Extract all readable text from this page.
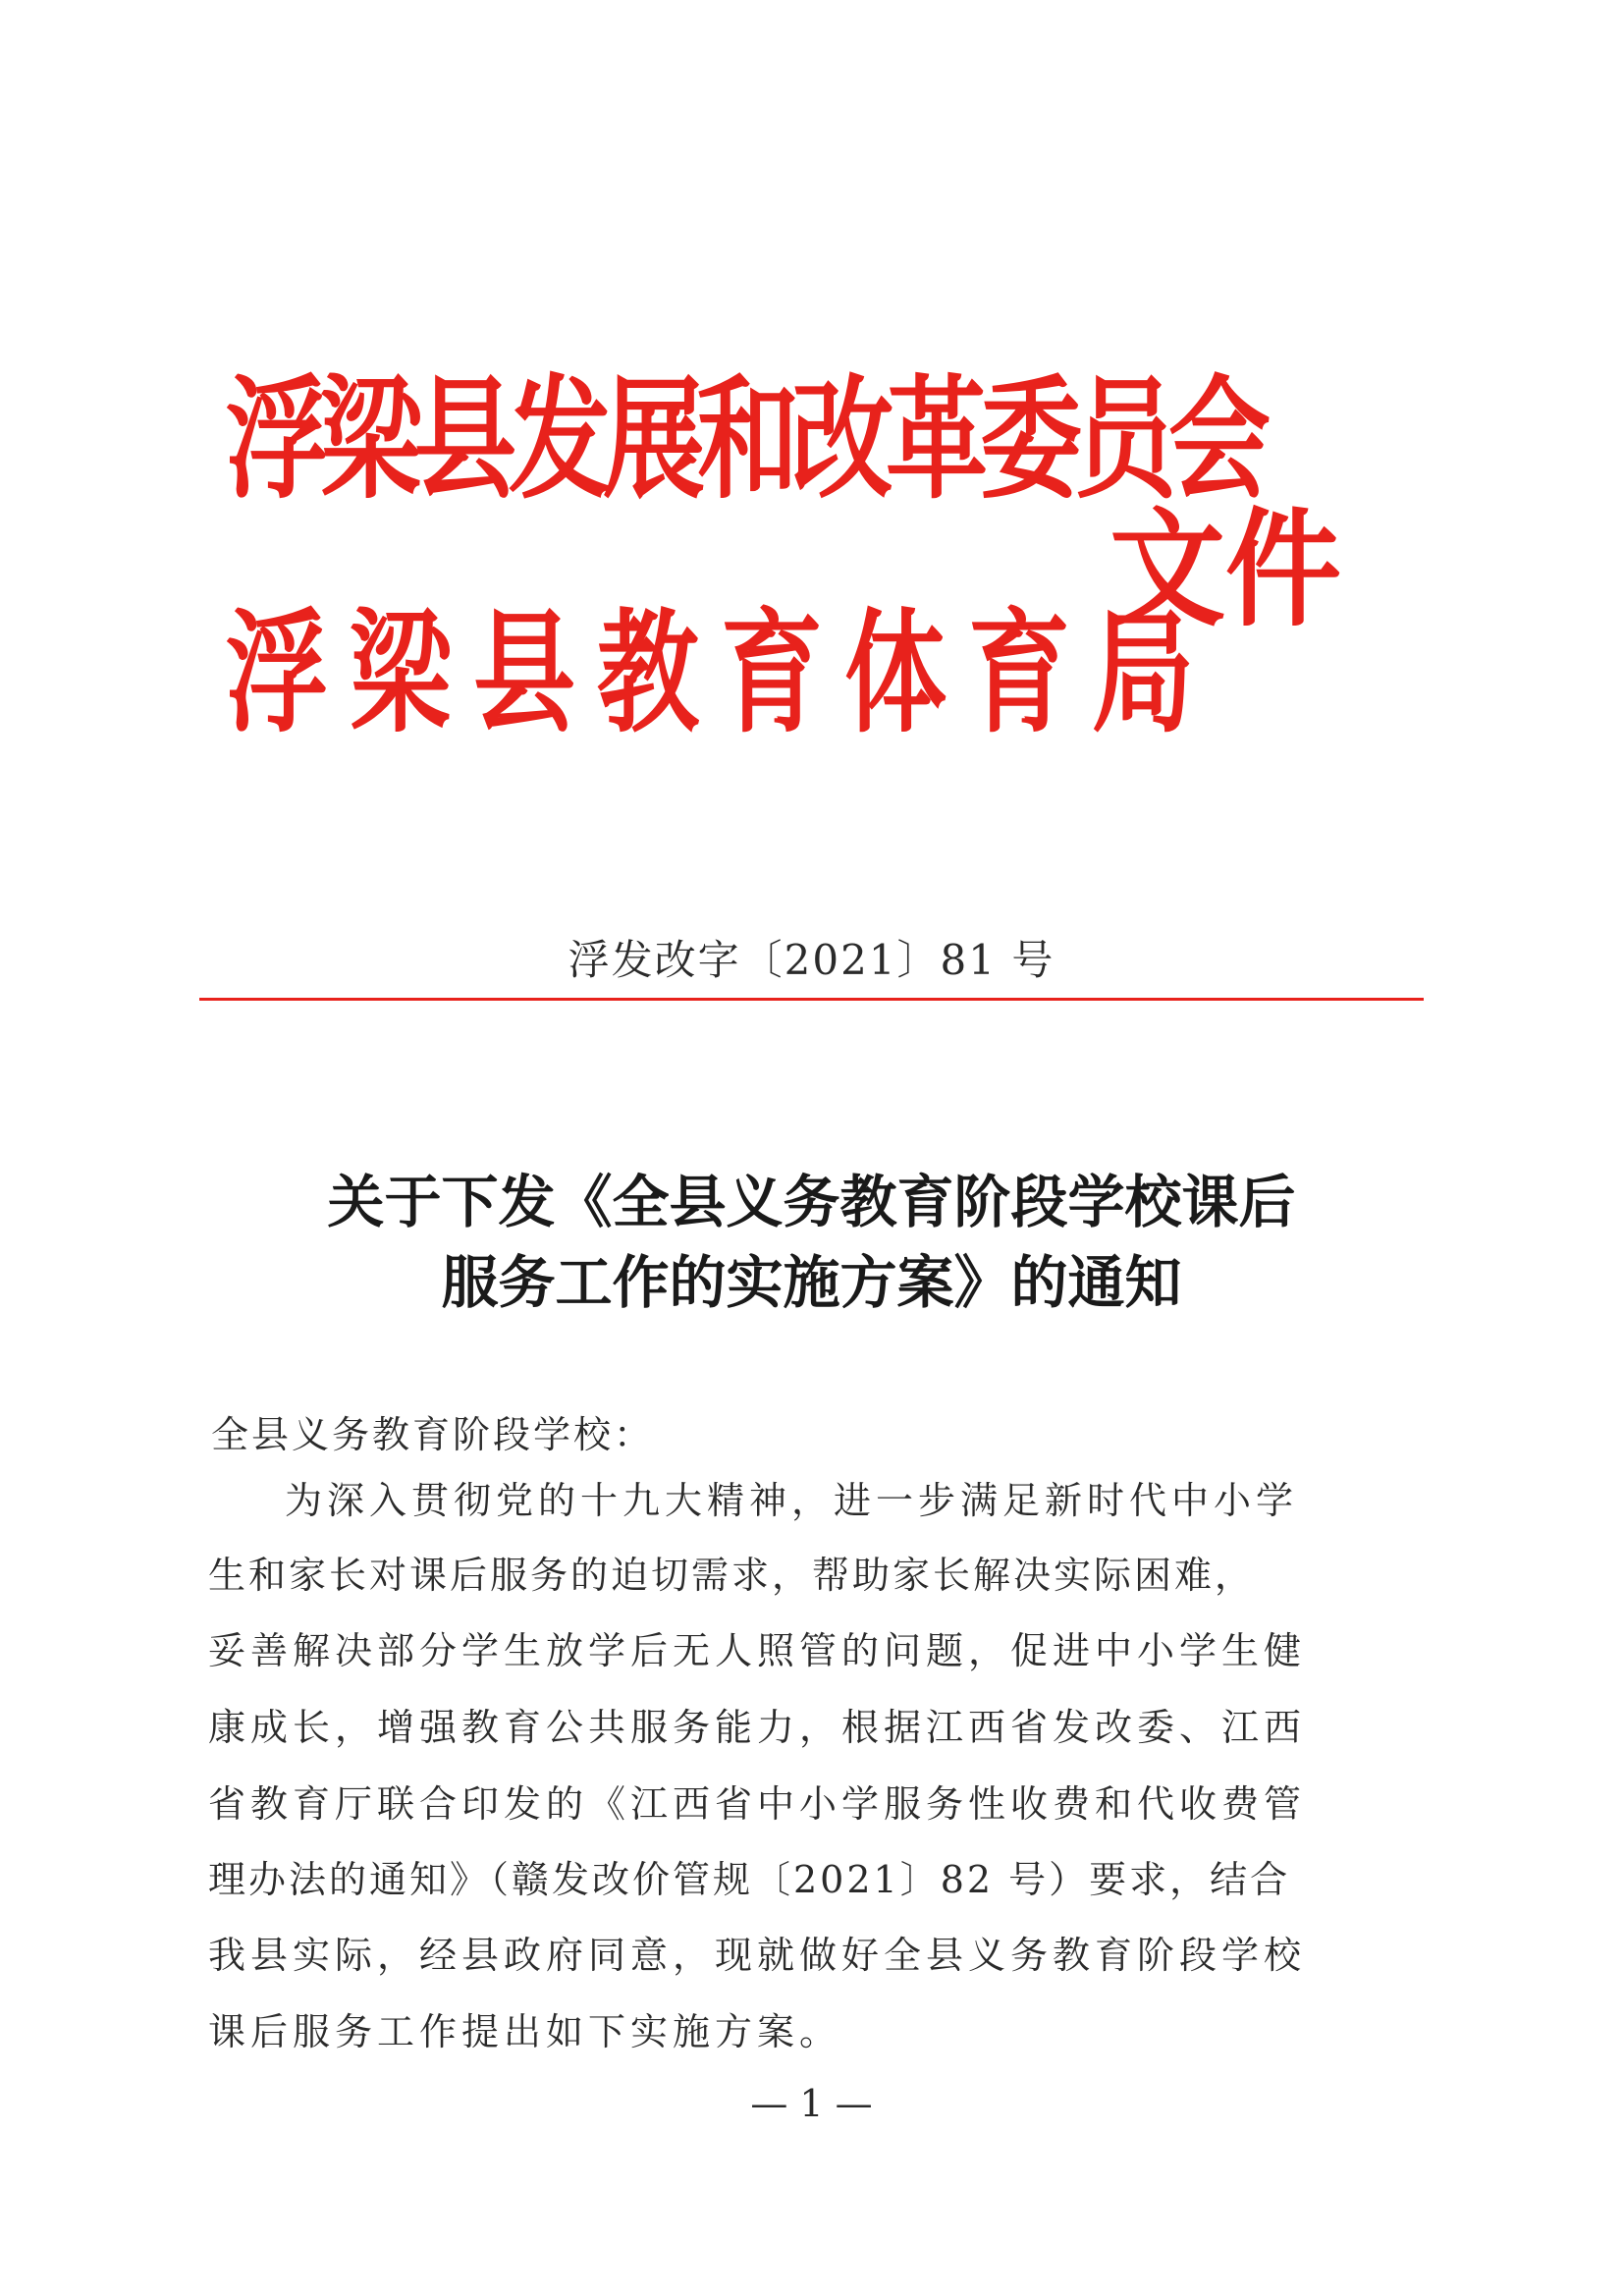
浮梁县发展和改革委员会
浮梁县教育体育局
文件
浮发改字〔2021〕81 号
关于下发《全县义务教育阶段学校课后
服务工作的实施方案》的通知
全县义务教育阶段学校：
为深入贯彻党的十九大精神，进一步满足新时代中小学
生和家长对课后服务的迫切需求，帮助家长解决实际困难，
妥善解决部分学生放学后无人照管的问题，促进中小学生健
康成长，增强教育公共服务能力，根据江西省发改委、江西
省教育厅联合印发的《江西省中小学服务性收费和代收费管
理办法的通知》（赣发改价管规〔2021〕82 号）要求，结合
我县实际，经县政府同意，现就做好全县义务教育阶段学校
课后服务工作提出如下实施方案。
— 1 —
